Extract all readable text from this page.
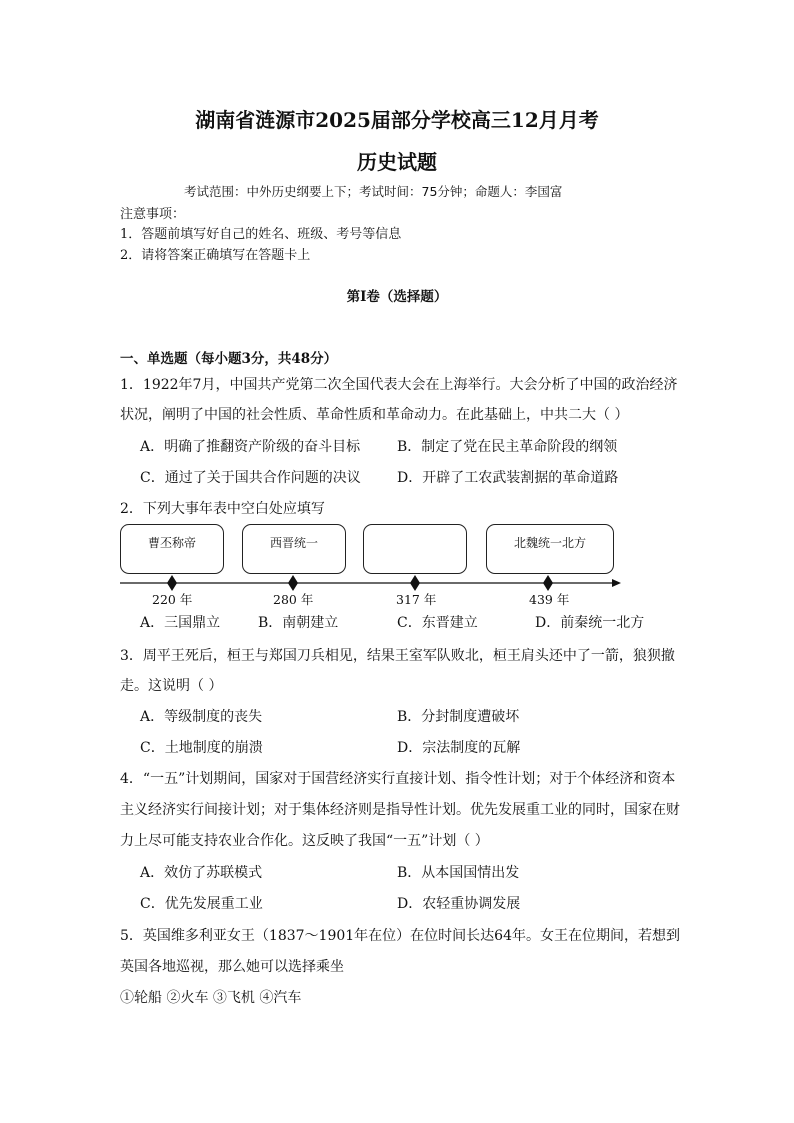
湖南省涟源市2025届部分学校高三12月月考
历史试题
考试范围：中外历史纲要上下；考试时间：75分钟；命题人：李国富
注意事项：
1．答题前填写好自己的姓名、班级、考号等信息
2．请将答案正确填写在答题卡上
第I卷（选择题）
一、单选题（每小题3分，共48分）
1．1922年7月，中国共产党第二次全国代表大会在上海举行。大会分析了中国的政治经济
状况，阐明了中国的社会性质、革命性质和革命动力。在此基础上，中共二大（ ）
A．明确了推翻资产阶级的奋斗目标	B．制定了党在民主革命阶段的纲领
C．通过了关于国共合作问题的决议	D．开辟了工农武装割据的革命道路
2．下列大事年表中空白处应填写
曹丕称帝	西晋统一	北魏统一北方
220 年	280 年	317 年	439 年
A．三国鼎立	B．南朝建立	C．东晋建立	D．前秦统一北方
3．周平王死后，桓王与郑国刀兵相见，结果王室军队败北，桓王肩头还中了一箭，狼狈撤
走。这说明（ ）
A．等级制度的丧失	B．分封制度遭破坏
C．土地制度的崩溃	D．宗法制度的瓦解
4．“一五”计划期间，国家对于国营经济实行直接计划、指令性计划；对于个体经济和资本
主义经济实行间接计划；对于集体经济则是指导性计划。优先发展重工业的同时，国家在财
力上尽可能支持农业合作化。这反映了我国“一五”计划（ ）
A．效仿了苏联模式	B．从本国国情出发
C．优先发展重工业	D．农轻重协调发展
5．英国维多利亚女王（1837～1901年在位）在位时间长达64年。女王在位期间，若想到
英国各地巡视，那么她可以选择乘坐
①轮船 ②火车 ③飞机 ④汽车
